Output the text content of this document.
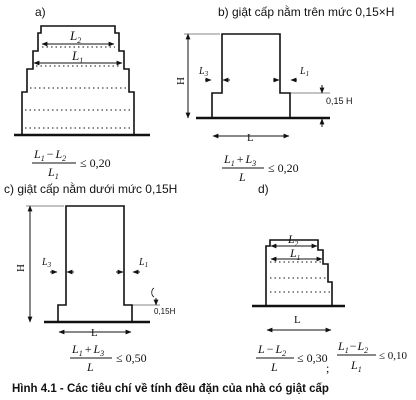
a)
$L_2$
$L_1$
$L_1 - L_2$
$L_1$
≤ 0,20
b) giật cấp nằm trên mức 0,15×H
H
$L_3$	$L_1$
0,15 H
L
$L_1 + L_3$
L
≤ 0,20
c) giật cấp nằm dưới mức 0,15H
H
$L_3$	$L_1$
0,15H
L
$L_1 + L_3$
L
≤ 0,50
d)
$L_2$
$L_1$
L
$L - L_2$
L
≤ 0,30
;
$L_1-L_2$
$L_1$
≤ 0,10
Hình 4.1 - Các tiêu chí về tính đều đặn của nhà có giật cấp
